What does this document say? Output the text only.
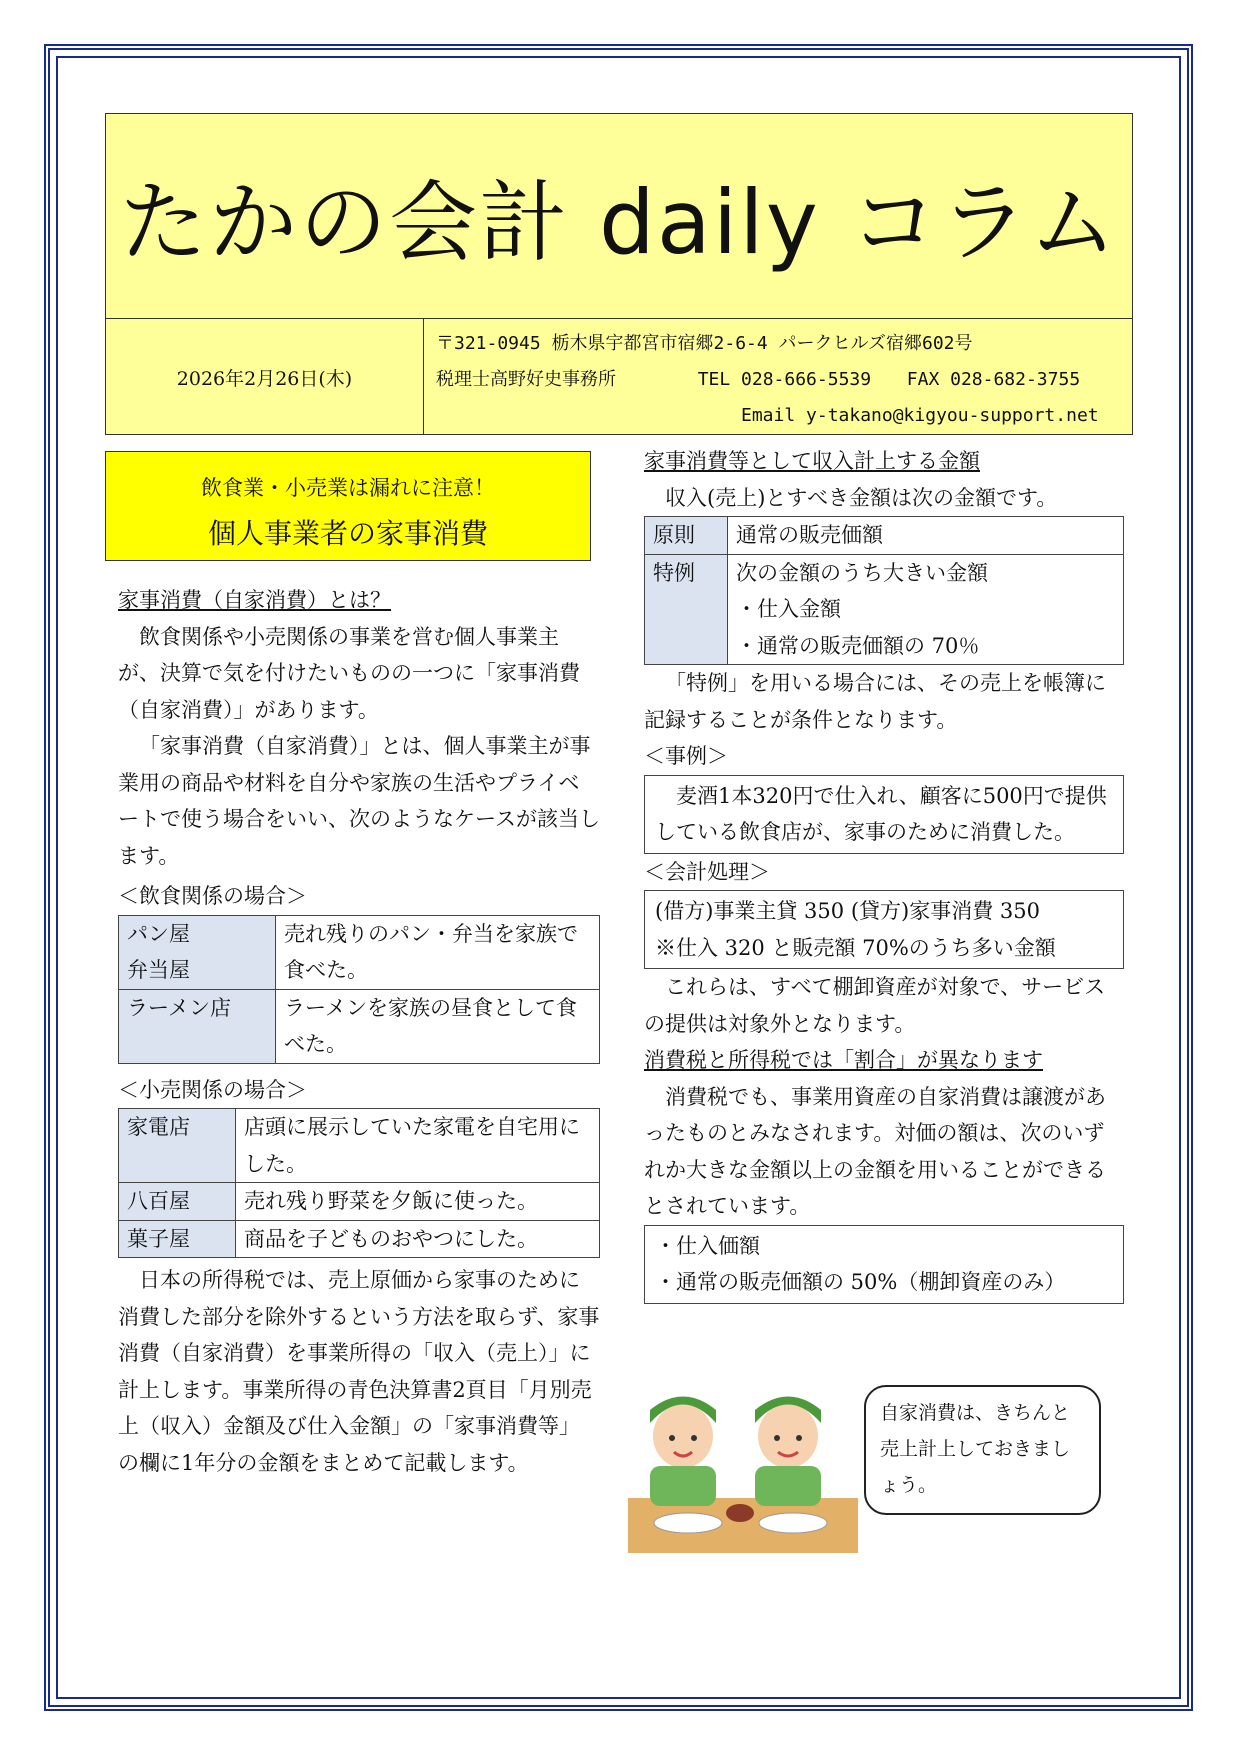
たかの会計 daily コラム
2026年2月26日(木)
〒321-0945 栃木県宇都宮市宿郷2-6-4 パークヒルズ宿郷602号
税理士高野好史事務所	TEL 028-666-5539 FAX 028-682-3755
Email y-takano@kigyou-support.net
飲食業・小売業は漏れに注意！
個人事業者の家事消費

家事消費（自家消費）とは？

飲食関係や小売関係の事業を営む個人事業主が、決算で気を付けたいものの一つに「家事消費（自家消費）」があります。

「家事消費（自家消費）」とは、個人事業主が事業用の商品や材料を自分や家族の生活やプライベートで使う場合をいい、次のようなケースが該当します。

＜飲食関係の場合＞

パン屋
弁当屋	売れ残りのパン・弁当を家族で食べた。
ラーメン店	ラーメンを家族の昼食として食べた。

＜小売関係の場合＞

家電店	店頭に展示していた家電を自宅用にした。
八百屋	売れ残り野菜を夕飯に使った。
菓子屋	商品を子どものおやつにした。

日本の所得税では、売上原価から家事のために消費した部分を除外するという方法を取らず、家事消費（自家消費）を事業所得の「収入（売上）」に計上します。事業所得の青色決算書2頁目「月別売上（収入）金額及び仕入金額」の「家事消費等」の欄に1年分の金額をまとめて記載します。

家事消費等として収入計上する金額

収入(売上)とすべき金額は次の金額です。

原則	通常の販売価額
特例	次の金額のうち大きい金額
・仕入金額
・通常の販売価額の 70％

「特例」を用いる場合には、その売上を帳簿に記録することが条件となります。

＜事例＞

麦酒1本320円で仕入れ、顧客に500円で提供している飲食店が、家事のために消費した。

＜会計処理＞

(借方)事業主貸 350 (貸方)家事消費 350
※仕入 320 と販売額 70%のうち多い金額

これらは、すべて棚卸資産が対象で、サービスの提供は対象外となります。

消費税と所得税では「割合」が異なります

消費税でも、事業用資産の自家消費は譲渡があったものとみなされます。対価の額は、次のいずれか大きな金額以上の金額を用いることができるとされています。

・仕入価額
・通常の販売価額の 50%（棚卸資産のみ）
自家消費は、きちんと売上計上しておきましょう。
